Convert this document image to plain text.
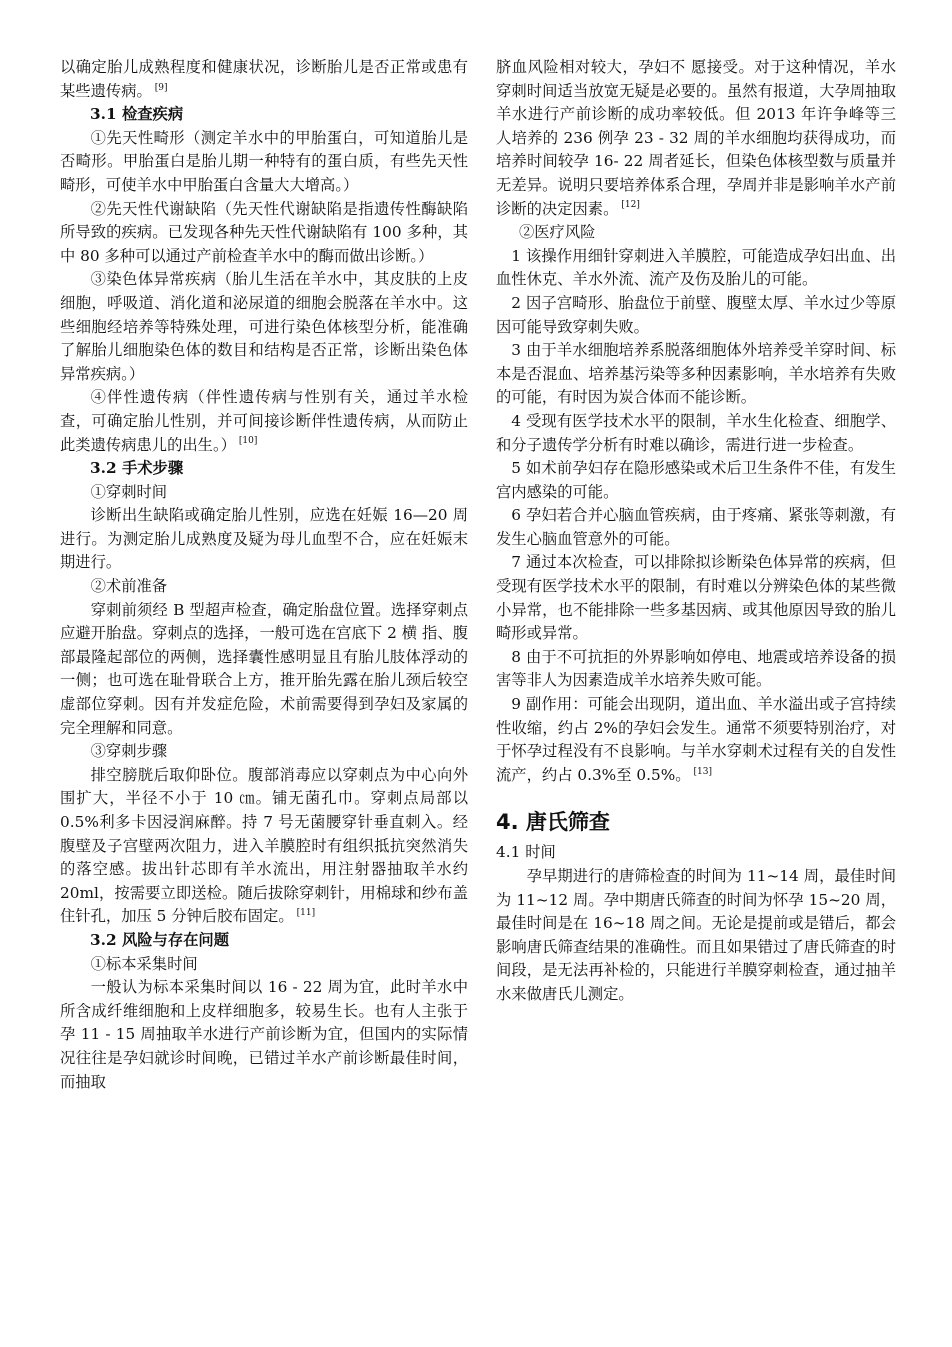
以确定胎儿成熟程度和健康状况，诊断胎儿是否正常或患有某些遗传病。 [9]

3.1 检查疾病

①先天性畸形（测定羊水中的甲胎蛋白，可知道胎儿是否畸形。甲胎蛋白是胎儿期一种特有的蛋白质，有些先天性畸形，可使羊水中甲胎蛋白含量大大增高。）

②先天性代谢缺陷（先天性代谢缺陷是指遗传性酶缺陷所导致的疾病。已发现各种先天性代谢缺陷有 100 多种，其中 80 多种可以通过产前检查羊水中的酶而做出诊断。）

③染色体异常疾病（胎儿生活在羊水中，其皮肤的上皮细胞，呼吸道、消化道和泌尿道的细胞会脱落在羊水中。这些细胞经培养等特殊处理，可进行染色体核型分析，能准确了解胎儿细胞染色体的数目和结构是否正常，诊断出染色体异常疾病。）

④伴性遗传病（伴性遗传病与性别有关，通过羊水检查，可确定胎儿性别，并可间接诊断伴性遗传病，从而防止此类遗传病患儿的出生。） [10]

3.2 手术步骤

①穿刺时间

诊断出生缺陷或确定胎儿性别，应选在妊娠 16—20 周进行。为测定胎儿成熟度及疑为母儿血型不合，应在妊娠末期进行。

②术前准备

穿刺前须经 B 型超声检查，确定胎盘位置。选择穿刺点应避开胎盘。穿刺点的选择，一般可选在宫底下 2 横 指、腹部最隆起部位的两侧，选择囊性感明显且有胎儿肢体浮动的一侧；也可选在耻骨联合上方，推开胎先露在胎儿颈后较空虚部位穿刺。因有并发症危险，术前需要得到孕妇及家属的完全理解和同意。

③穿刺步骤

排空膀胱后取仰卧位。腹部消毒应以穿刺点为中心向外围扩大，半径不小于 10 ㎝。铺无菌孔巾。穿刺点局部以 0.5%利多卡因浸润麻醉。持 7 号无菌腰穿针垂直刺入。经腹壁及子宫壁两次阻力，进入羊膜腔时有组织抵抗突然消失的落空感。拔出针芯即有羊水流出，用注射器抽取羊水约 20ml，按需要立即送检。随后拔除穿刺针，用棉球和纱布盖住针孔，加压 5 分钟后胶布固定。 [11]

3.2 风险与存在问题

①标本采集时间

一般认为标本采集时间以 16 - 22 周为宜，此时羊水中所含成纤维细胞和上皮样细胞多，较易生长。也有人主张于孕 11 - 15 周抽取羊水进行产前诊断为宜，但国内的实际情况往往是孕妇就诊时间晚，已错过羊水产前诊断最佳时间，而抽取

脐血风险相对较大，孕妇不 愿接受。对于这种情况，羊水穿刺时间适当放宽无疑是必要的。虽然有报道，大孕周抽取羊水进行产前诊断的成功率较低。但 2013 年许争峰等三人培养的 236 例孕 23 - 32 周的羊水细胞均获得成功，而培养时间较孕 16- 22 周者延长，但染色体核型数与质量并无差异。说明只要培养体系合理，孕周并非是影响羊水产前诊断的决定因素。 [12]

②医疗风险

1 该操作用细针穿刺进入羊膜腔，可能造成孕妇出血、出血性休克、羊水外流、流产及伤及胎儿的可能。

2 因子宫畸形、胎盘位于前壁、腹壁太厚、羊水过少等原因可能导致穿刺失败。

3 由于羊水细胞培养系脱落细胞体外培养受羊穿时间、标本是否混血、培养基污染等多种因素影响，羊水培养有失败的可能，有时因为炭合体而不能诊断。

4 受现有医学技术水平的限制，羊水生化检查、细胞学、和分子遗传学分析有时难以确诊，需进行进一步检查。

5 如术前孕妇存在隐形感染或术后卫生条件不佳，有发生宫内感染的可能。

6 孕妇若合并心脑血管疾病，由于疼痛、紧张等刺激，有发生心脑血管意外的可能。

7 通过本次检查，可以排除拟诊断染色体异常的疾病，但受现有医学技术水平的限制，有时难以分辨染色体的某些微小异常，也不能排除一些多基因病、或其他原因导致的胎儿畸形或异常。

8 由于不可抗拒的外界影响如停电、地震或培养设备的损害等非人为因素造成羊水培养失败可能。

9 副作用：可能会出现阴，道出血、羊水溢出或子宫持续性收缩，约占 2%的孕妇会发生。通常不须要特别治疗，对于怀孕过程没有不良影响。与羊水穿刺术过程有关的自发性流产，约占 0.3%至 0.5%。 [13]

4. 唐氏筛查

4.1 时间

孕早期进行的唐筛检查的时间为 11~14 周，最佳时间为 11~12 周。孕中期唐氏筛查的时间为怀孕 15~20 周，最佳时间是在 16~18 周之间。无论是提前或是错后，都会影响唐氏筛查结果的准确性。而且如果错过了唐氏筛查的时间段，是无法再补检的，只能进行羊膜穿刺检查，通过抽羊水来做唐氏儿测定。
